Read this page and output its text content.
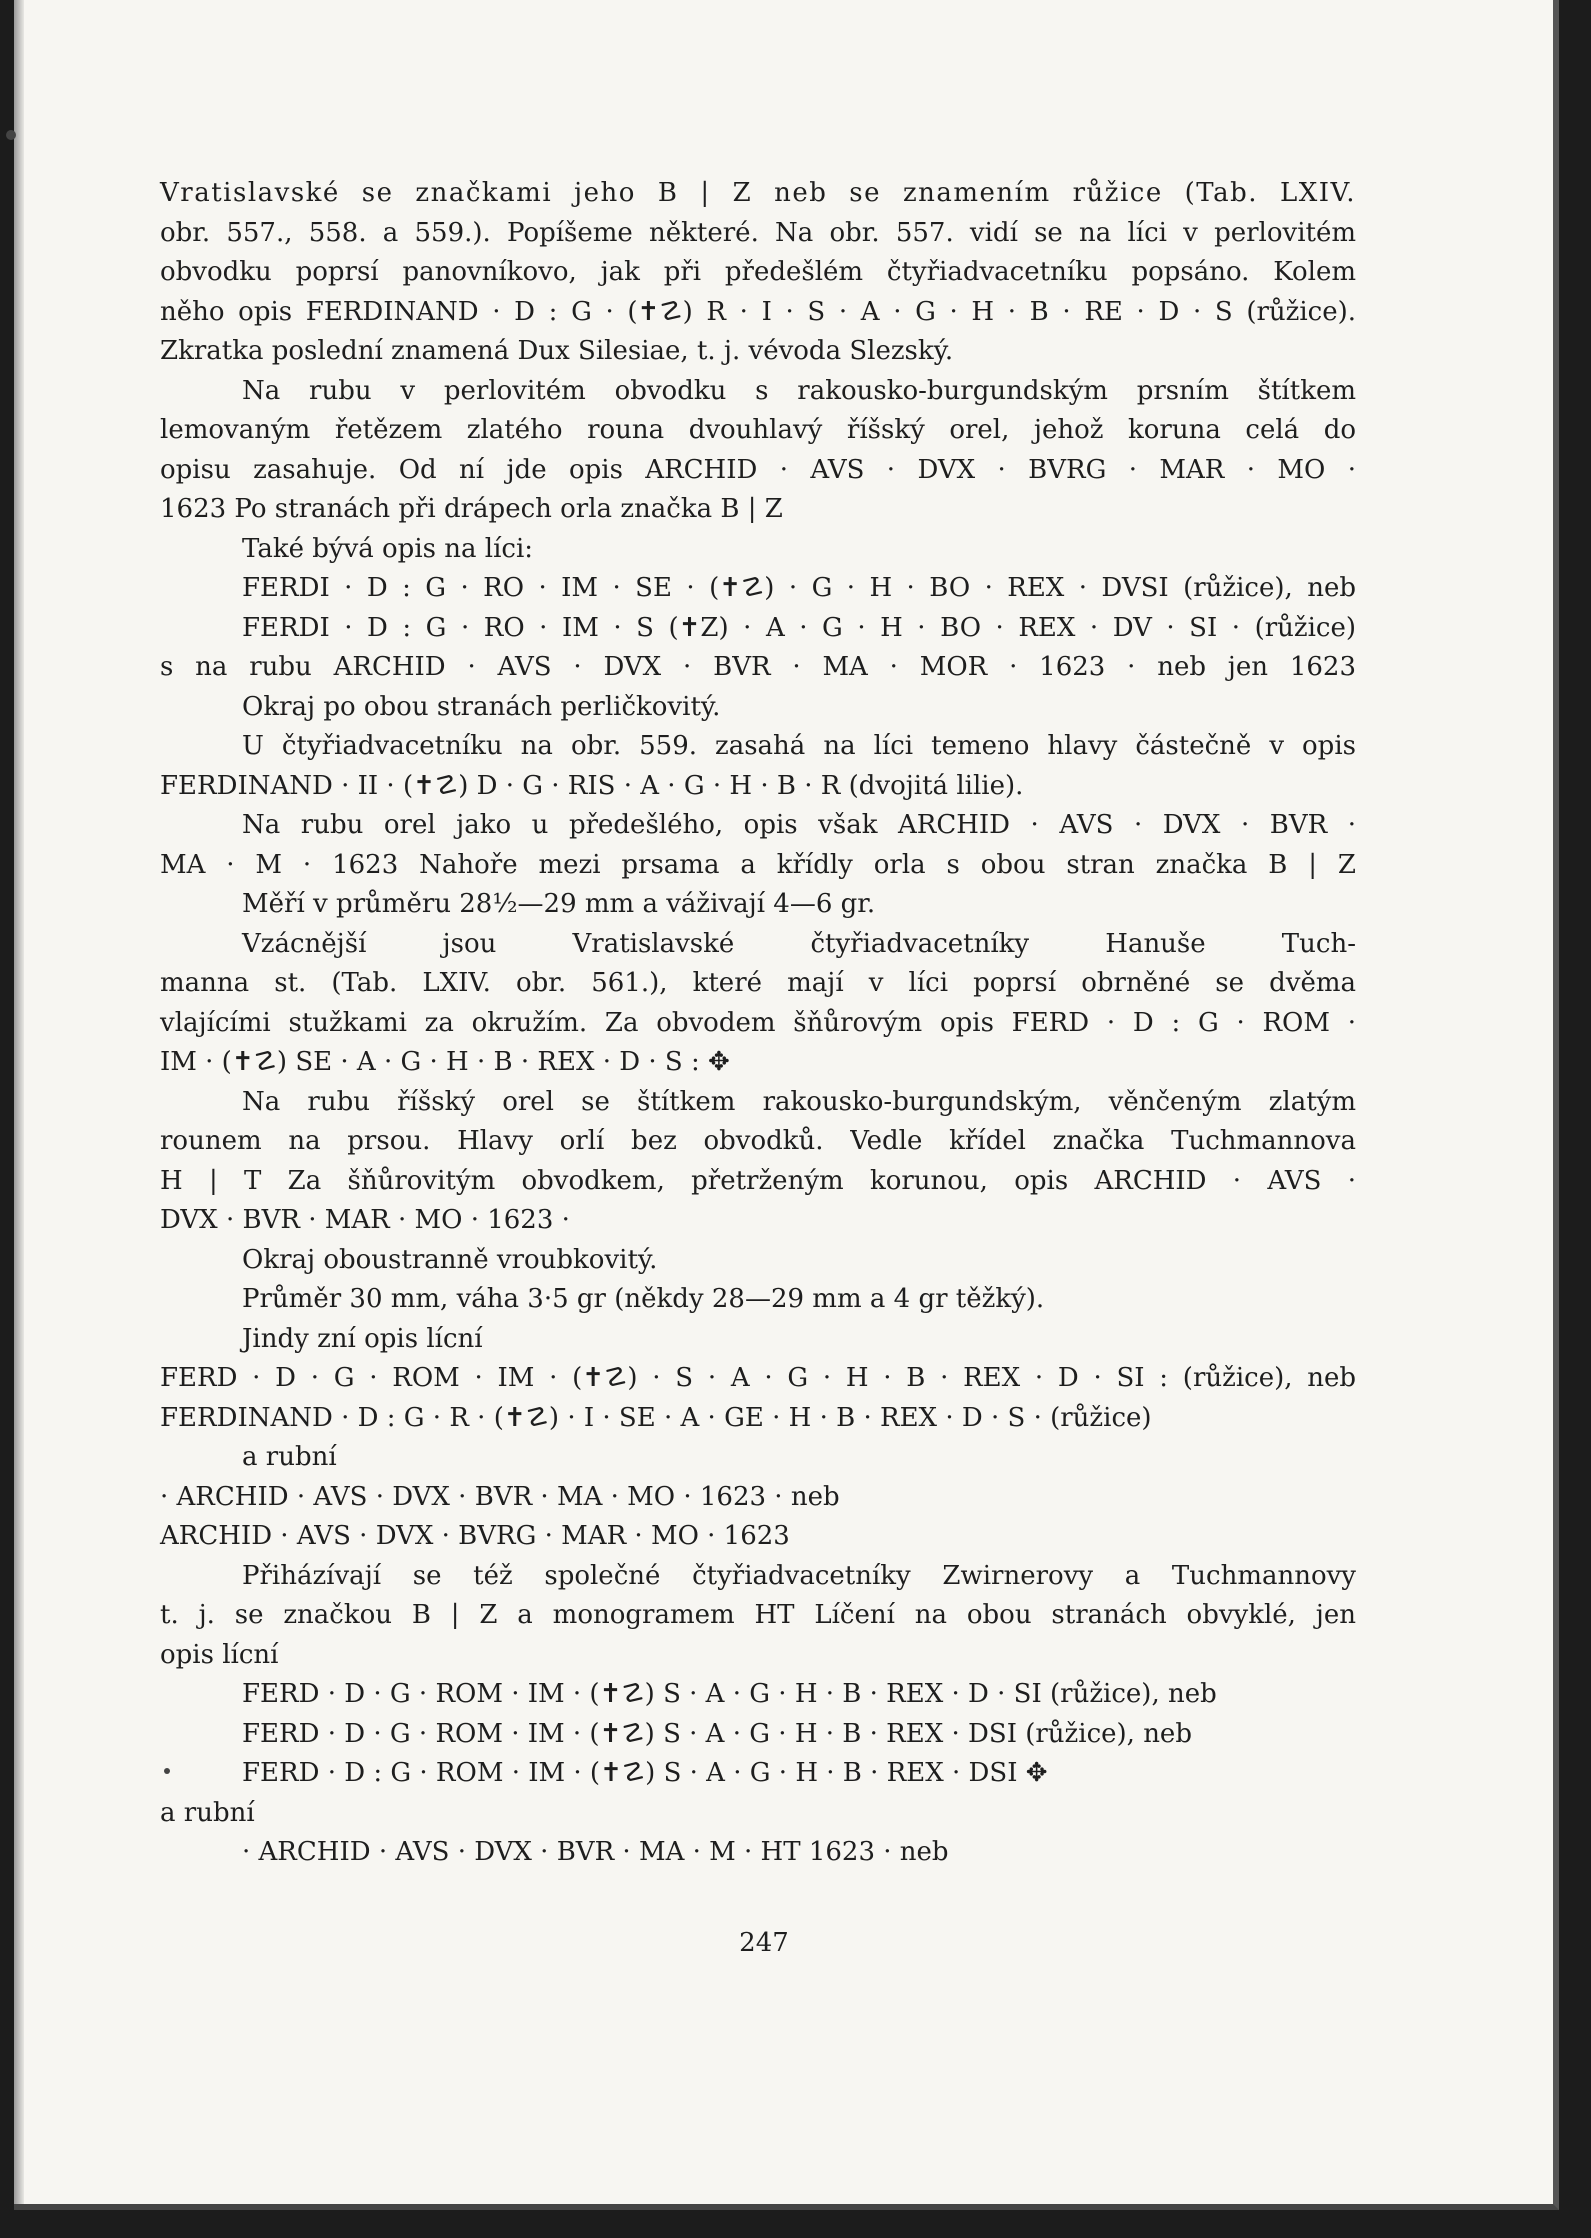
Vratislavské se značkami jeho B | Z neb se znamením růžice (Tab. LXIV.

obr. 557., 558. a 559.). Popíšeme některé. Na obr. 557. vidí se na líci v perlovitém

obvodku poprsí panovníkovo, jak při předešlém čtyřiadvacetníku popsáno. Kolem

něho opis FERDINAND · D : G · (✝☡) R · I · S · A · G · H · B · RE · D · S (růžice).

Zkratka poslední znamená Dux Silesiae, t. j. vévoda Slezský.

Na rubu v perlovitém obvodku s rakousko-burgundským prsním štítkem

lemovaným řetězem zlatého rouna dvouhlavý říšský orel, jehož koruna celá do

opisu zasahuje. Od ní jde opis ARCHID · AVS · DVX · BVRG · MAR · MO ·

1623 Po stranách při drápech orla značka B | Z

Také bývá opis na líci:

FERDI · D : G · RO · IM · SE · (✝☡) · G · H · BO · REX · DVSI (růžice), neb

FERDI · D : G · RO · IM · S (✝Z) · A · G · H · BO · REX · DV · SI · (růžice)

s na rubu ARCHID · AVS · DVX · BVR · MA · MOR · 1623 · neb jen 1623

Okraj po obou stranách perličkovitý.

U čtyřiadvacetníku na obr. 559. zasahá na líci temeno hlavy částečně v opis

FERDINAND · II · (✝☡) D · G · RIS · A · G · H · B · R (dvojitá lilie).

Na rubu orel jako u předešlého, opis však ARCHID · AVS · DVX · BVR ·

MA · M · 1623 Nahoře mezi prsama a křídly orla s obou stran značka B | Z

Měří v průměru 28½—29 mm a váživají 4—6 gr.

Vzácnější jsou Vratislavské čtyřiadvacetníky Hanuše Tuch-

manna st. (Tab. LXIV. obr. 561.), které mají v líci poprsí obrněné se dvěma

vlajícími stužkami za okružím. Za obvodem šňůrovým opis FERD · D : G · ROM ·

IM · (✝☡) SE · A · G · H · B · REX · D · S : ✥

Na rubu říšský orel se štítkem rakousko-burgundským, věnčeným zlatým

rounem na prsou. Hlavy orlí bez obvodků. Vedle křídel značka Tuchmannova

H | T Za šňůrovitým obvodkem, přetrženým korunou, opis ARCHID · AVS ·

DVX · BVR · MAR · MO · 1623 ·

Okraj oboustranně vroubkovitý.

Průměr 30 mm, váha 3·5 gr (někdy 28—29 mm a 4 gr těžký).

Jindy zní opis lícní

FERD · D · G · ROM · IM · (✝☡) · S · A · G · H · B · REX · D · SI : (růžice), neb

FERDINAND · D : G · R · (✝☡) · I · SE · A · GE · H · B · REX · D · S · (růžice)

a rubní

· ARCHID · AVS · DVX · BVR · MA · MO · 1623 · neb

ARCHID · AVS · DVX · BVRG · MAR · MO · 1623

Přiházívají se též společné čtyřiadvacetníky Zwirnerovy a Tuchmannovy

t. j. se značkou B | Z a monogramem HT Líčení na obou stranách obvyklé, jen

opis lícní

FERD · D · G · ROM · IM · (✝☡) S · A · G · H · B · REX · D · SI (růžice), neb

FERD · D · G · ROM · IM · (✝☡) S · A · G · H · B · REX · DSI (růžice), neb

FERD · D : G · ROM · IM · (✝☡) S · A · G · H · B · REX · DSI ✥

a rubní

· ARCHID · AVS · DVX · BVR · MA · M · HT 1623 · neb

247
